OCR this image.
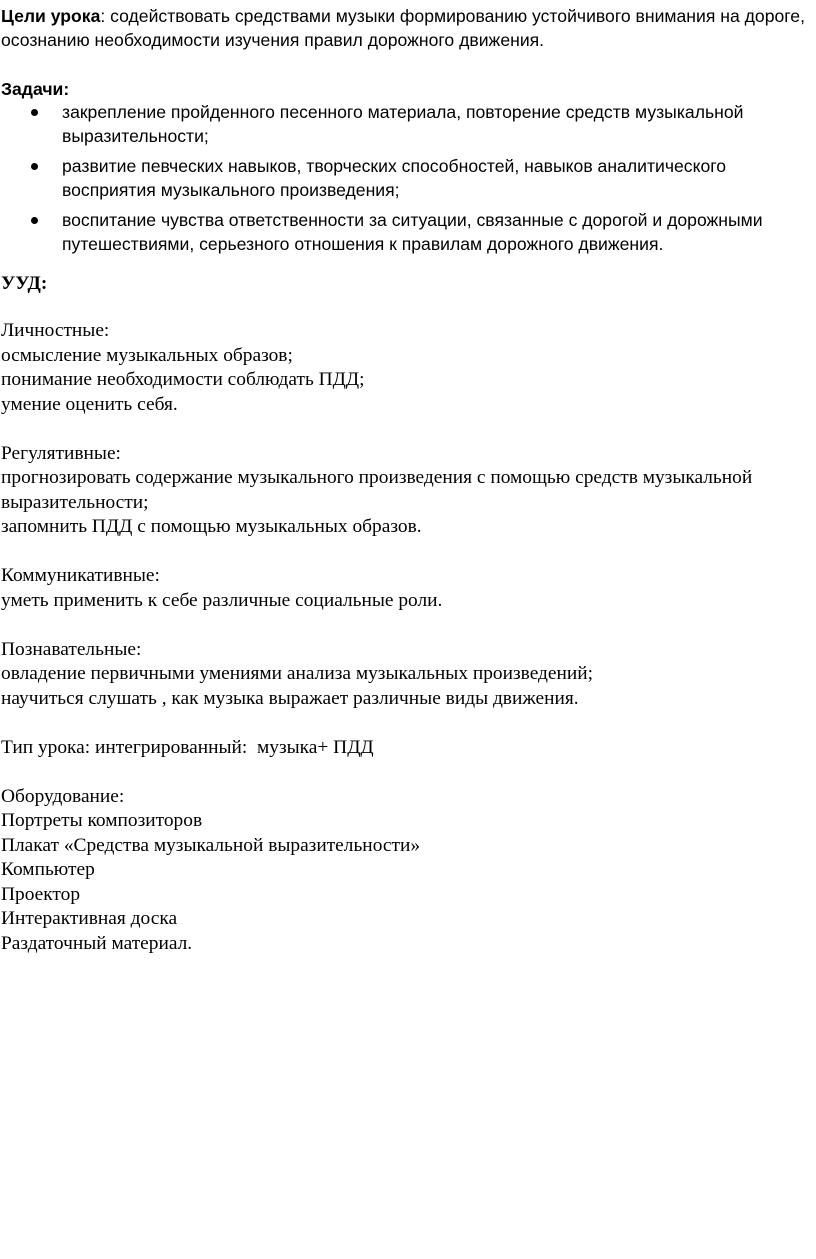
Цели урока: содействовать средствами музыки формированию устойчивого внимания на дороге, осознанию необходимости изучения правил дорожного движения.
Задачи:
закрепление пройденного песенного материала, повторение средств музыкальной выразительности;
развитие певческих навыков, творческих способностей, навыков аналитического восприятия музыкального произведения;
воспитание чувства ответственности за ситуации, связанные с дорогой и дорожными путешествиями, серьезного отношения к правилам дорожного движения.
УУД:
Личностные:
осмысление музыкальных образов;
понимание необходимости соблюдать ПДД;
умение оценить себя.
Регулятивные:
прогнозировать содержание музыкального произведения с помощью средств музыкальной выразительности;
запомнить ПДД с помощью музыкальных образов.
Коммуникативные:
уметь применить к себе различные социальные роли.
Познавательные:
овладение первичными умениями анализа музыкальных произведений;
научиться слушать , как музыка выражает различные виды движения.
Тип урока: интегрированный:  музыка+ ПДД
Оборудование:
Портреты композиторов
Плакат «Средства музыкальной выразительности»
Компьютер
Проектор
Интерактивная доска
Раздаточный материал.
